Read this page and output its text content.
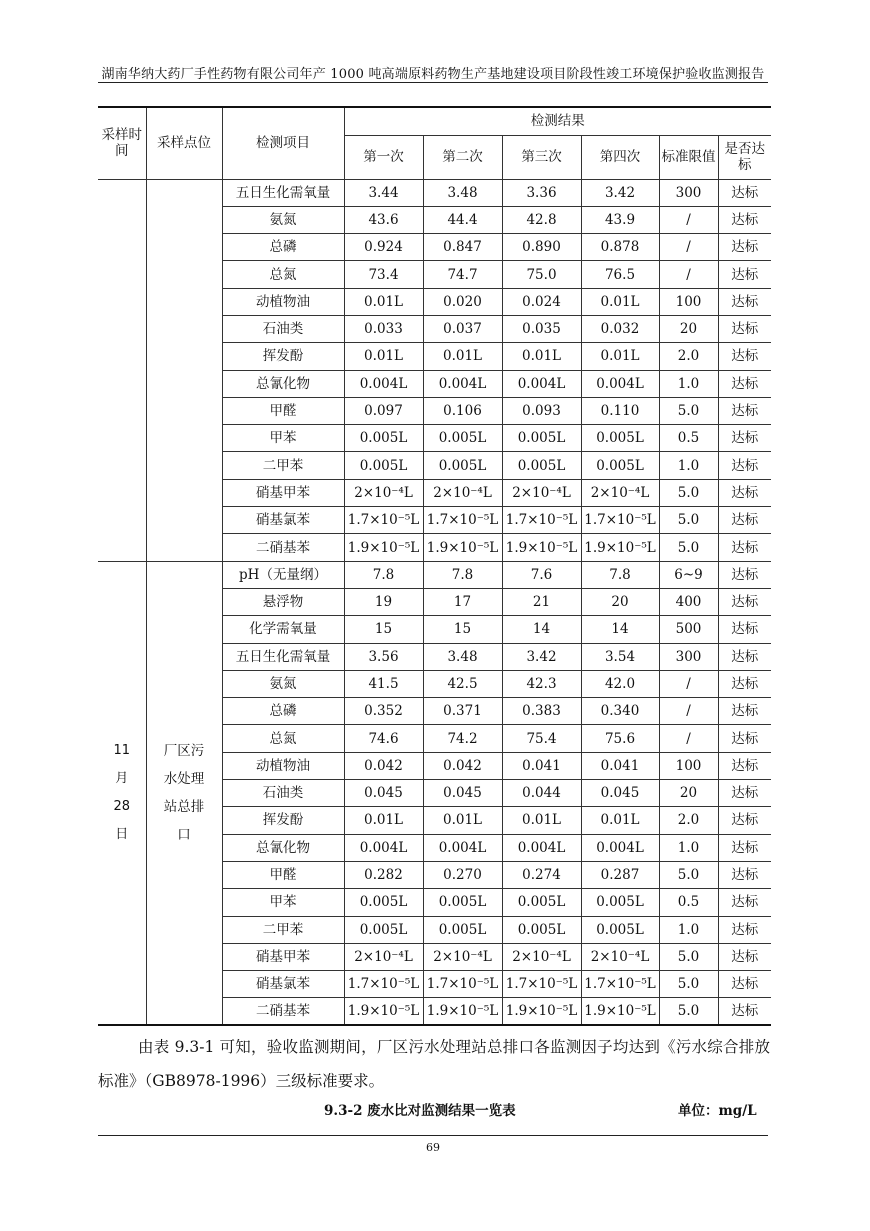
湖南华纳大药厂手性药物有限公司年产 1000 吨高端原料药物生产基地建设项目阶段性竣工环境保护验收监测报告
采样时间	采样点位	检测项目	检测结果					
			第一次	第二次	第三次	第四次	标准限值	是否达标
		五日生化需氧量	3.44	3.48	3.36	3.42	300	达标
		氨氮	43.6	44.4	42.8	43.9	/	达标
		总磷	0.924	0.847	0.890	0.878	/	达标
		总氮	73.4	74.7	75.0	76.5	/	达标
		动植物油	0.01L	0.020	0.024	0.01L	100	达标
		石油类	0.033	0.037	0.035	0.032	20	达标
		挥发酚	0.01L	0.01L	0.01L	0.01L	2.0	达标
		总氰化物	0.004L	0.004L	0.004L	0.004L	1.0	达标
		甲醛	0.097	0.106	0.093	0.110	5.0	达标
		甲苯	0.005L	0.005L	0.005L	0.005L	0.5	达标
		二甲苯	0.005L	0.005L	0.005L	0.005L	1.0	达标
		硝基甲苯	2×10⁻⁴L	2×10⁻⁴L	2×10⁻⁴L	2×10⁻⁴L	5.0	达标
		硝基氯苯	1.7×10⁻⁵L	1.7×10⁻⁵L	1.7×10⁻⁵L	1.7×10⁻⁵L	5.0	达标
		二硝基苯	1.9×10⁻⁵L	1.9×10⁻⁵L	1.9×10⁻⁵L	1.9×10⁻⁵L	5.0	达标

11 月 28 日	厂区污水处理站总排口	pH（无量纲）	7.8	7.8	7.6	7.8	6~9	达标
		悬浮物	19	17	21	20	400	达标
		化学需氧量	15	15	14	14	500	达标
		五日生化需氧量	3.56	3.48	3.42	3.54	300	达标
		氨氮	41.5	42.5	42.3	42.0	/	达标
		总磷	0.352	0.371	0.383	0.340	/	达标
		总氮	74.6	74.2	75.4	75.6	/	达标
		动植物油	0.042	0.042	0.041	0.041	100	达标
		石油类	0.045	0.045	0.044	0.045	20	达标
		挥发酚	0.01L	0.01L	0.01L	0.01L	2.0	达标
		总氰化物	0.004L	0.004L	0.004L	0.004L	1.0	达标
		甲醛	0.282	0.270	0.274	0.287	5.0	达标
		甲苯	0.005L	0.005L	0.005L	0.005L	0.5	达标
		二甲苯	0.005L	0.005L	0.005L	0.005L	1.0	达标
		硝基甲苯	2×10⁻⁴L	2×10⁻⁴L	2×10⁻⁴L	2×10⁻⁴L	5.0	达标
		硝基氯苯	1.7×10⁻⁵L	1.7×10⁻⁵L	1.7×10⁻⁵L	1.7×10⁻⁵L	5.0	达标
		二硝基苯	1.9×10⁻⁵L	1.9×10⁻⁵L	1.9×10⁻⁵L	1.9×10⁻⁵L	5.0	达标
由表 9.3-1 可知，验收监测期间，厂区污水处理站总排口各监测因子均达到《污水综合排放标准》（GB8978-1996）三级标准要求。
9.3-2 废水比对监测结果一览表	单位：mg/L
69
